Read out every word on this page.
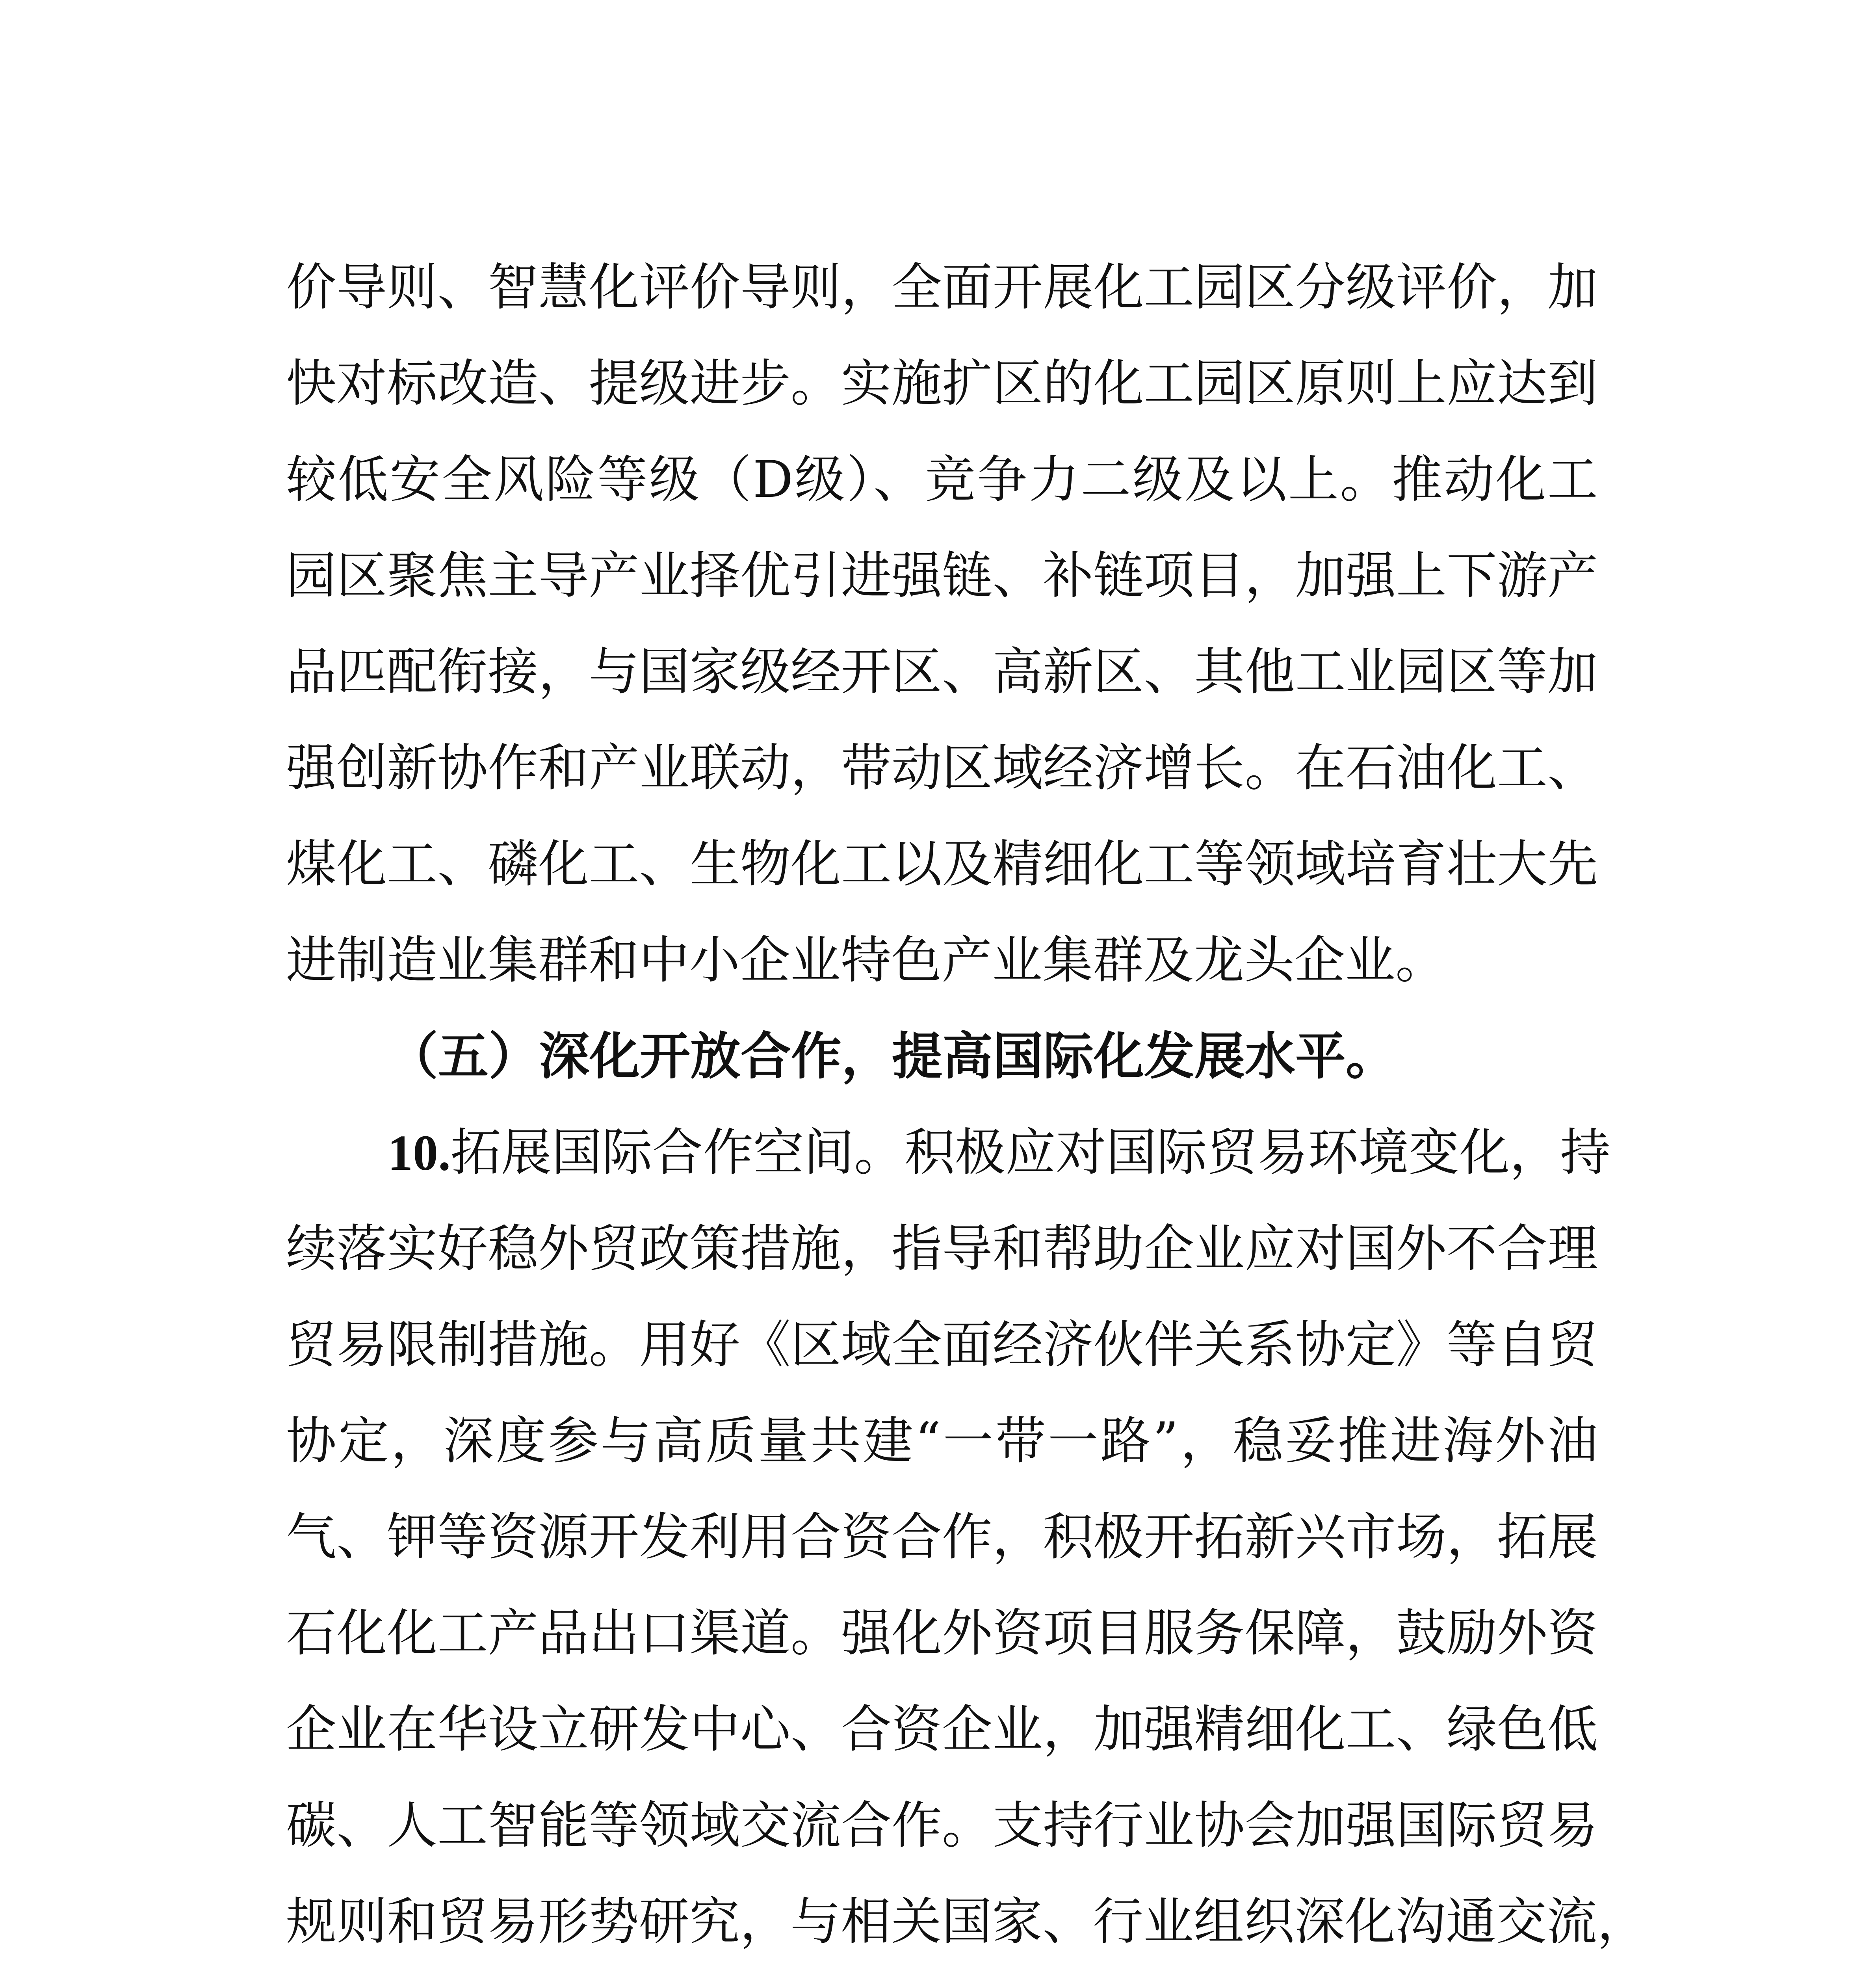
价导则、智慧化评价导则，全面开展化工园区分级评价，加
快对标改造、提级进步。实施扩区的化工园区原则上应达到
较低安全风险等级（D级）、竞争力二级及以上。推动化工
园区聚焦主导产业择优引进强链、补链项目，加强上下游产
品匹配衔接，与国家级经开区、高新区、其他工业园区等加
强创新协作和产业联动，带动区域经济增长。在石油化工、
煤化工、磷化工、生物化工以及精细化工等领域培育壮大先
进制造业集群和中小企业特色产业集群及龙头企业。
（五）深化开放合作，提高国际化发展水平。
10.拓展国际合作空间。积极应对国际贸易环境变化，持
续落实好稳外贸政策措施，指导和帮助企业应对国外不合理
贸易限制措施。用好《区域全面经济伙伴关系协定》等自贸
协定，深度参与高质量共建“一带一路”，稳妥推进海外油
气、钾等资源开发利用合资合作，积极开拓新兴市场，拓展
石化化工产品出口渠道。强化外资项目服务保障，鼓励外资
企业在华设立研发中心、合资企业，加强精细化工、绿色低
碳、人工智能等领域交流合作。支持行业协会加强国际贸易
规则和贸易形势研究，与相关国家、行业组织深化沟通交流，
